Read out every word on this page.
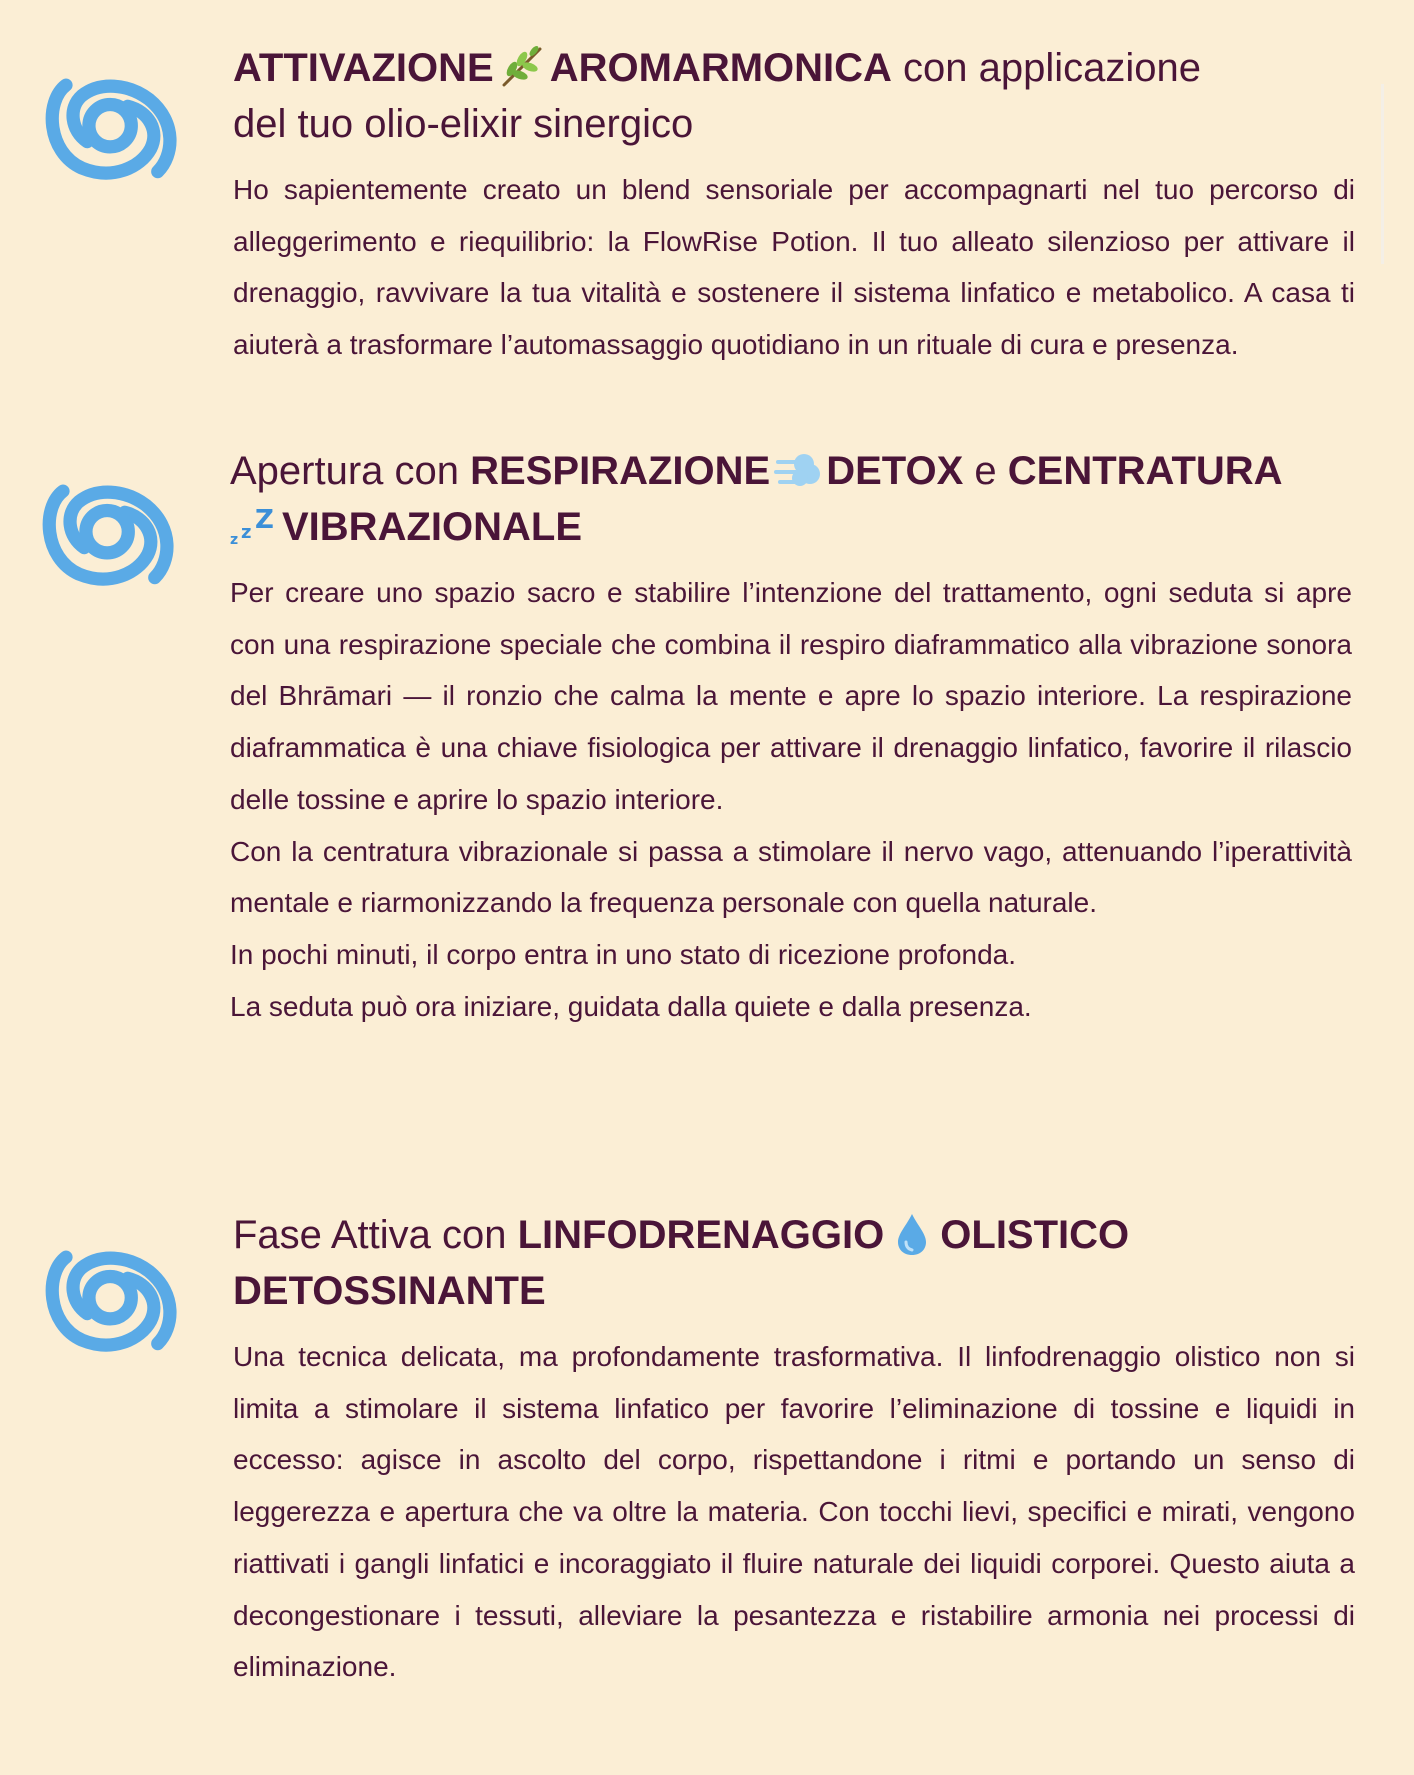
ATTIVAZIONE AROMARMONICA con applicazione
del tuo olio-elixir sinergico

Ho sapientemente creato un blend sensoriale per accompagnarti nel tuo percorso di alleggerimento e riequilibrio: la FlowRise Potion. Il tuo alleato silenzioso per attivare il drenaggio, ravvivare la tua vitalità e sostenere il sistema linfatico e metabolico. A casa ti aiuterà a trasformare l’automassaggio quotidiano in un rituale di cura e presenza.

Apertura con RESPIRAZIONE DETOX e CENTRATURA

z z Z VIBRAZIONALE

Per creare uno spazio sacro e stabilire l’intenzione del trattamento, ogni seduta si apre con una respirazione speciale che combina il respiro diaframmatico alla vibrazione sonora del Bhrāmari — il ronzio che calma la mente e apre lo spazio interiore. La respirazione diaframmatica è una chiave fisiologica per attivare il drenaggio linfatico, favorire il rilascio delle tossine e aprire lo spazio interiore.

Con la centratura vibrazionale si passa a stimolare il nervo vago, attenuando l’iperattività mentale e riarmonizzando la frequenza personale con quella naturale.

In pochi minuti, il corpo entra in uno stato di ricezione profonda.

La seduta può ora iniziare, guidata dalla quiete e dalla presenza.

Fase Attiva con LINFODRENAGGIO OLISTICO
DETOSSINANTE

Una tecnica delicata, ma profondamente trasformativa. Il linfodrenaggio olistico non si limita a stimolare il sistema linfatico per favorire l’eliminazione di tossine e liquidi in eccesso: agisce in ascolto del corpo, rispettandone i ritmi e portando un senso di leggerezza e apertura che va oltre la materia. Con tocchi lievi, specifici e mirati, vengono riattivati i gangli linfatici e incoraggiato il fluire naturale dei liquidi corporei. Questo aiuta a decongestionare i tessuti, alleviare la pesantezza e ristabilire armonia nei processi di eliminazione.
